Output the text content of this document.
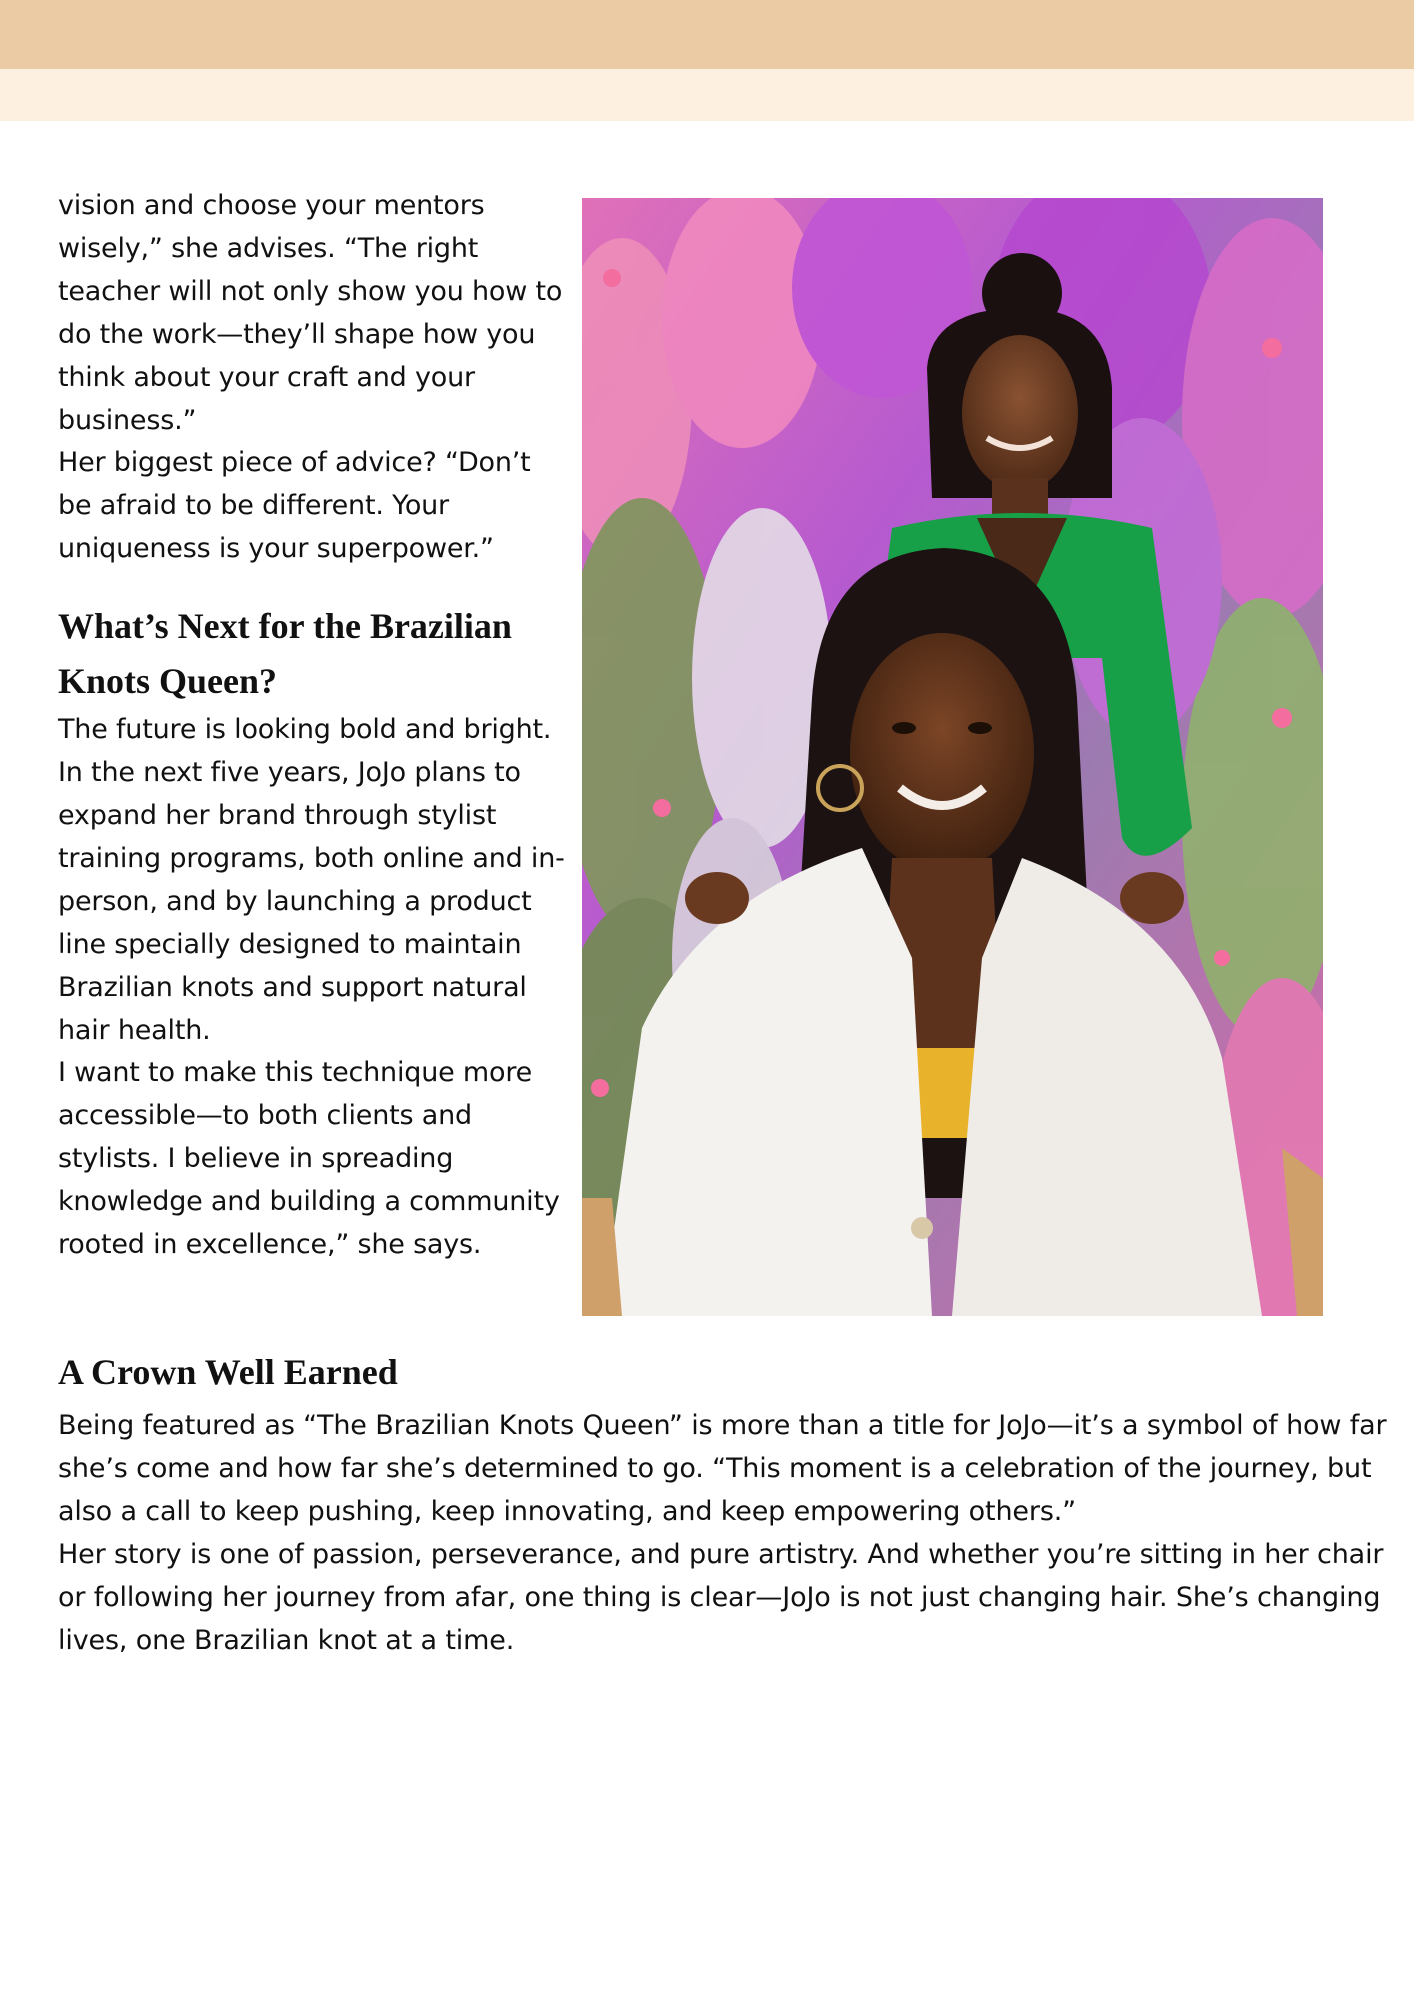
vision and choose your mentors wisely,” she advises. “The right teacher will not only show you how to do the work—they’ll shape how you think about your craft and your business.”

Her biggest piece of advice? “Don’t be afraid to be different. Your uniqueness is your superpower.”

What’s Next for the Brazilian Knots Queen?

The future is looking bold and bright. In the next five years, JoJo plans to expand her brand through stylist training programs, both online and in-person, and by launching a product line specially designed to maintain Brazilian knots and support natural hair health.

I want to make this technique more accessible—to both clients and stylists. I believe in spreading knowledge and building a community rooted in excellence,” she says.

A Crown Well Earned

Being featured as “The Brazilian Knots Queen” is more than a title for JoJo—it’s a symbol of how far she’s come and how far she’s determined to go. “This moment is a celebration of the journey, but also a call to keep pushing, keep innovating, and keep empowering others.”

Her story is one of passion, perseverance, and pure artistry. And whether you’re sitting in her chair or following her journey from afar, one thing is clear—JoJo is not just changing hair. She’s changing lives, one Brazilian knot at a time.
